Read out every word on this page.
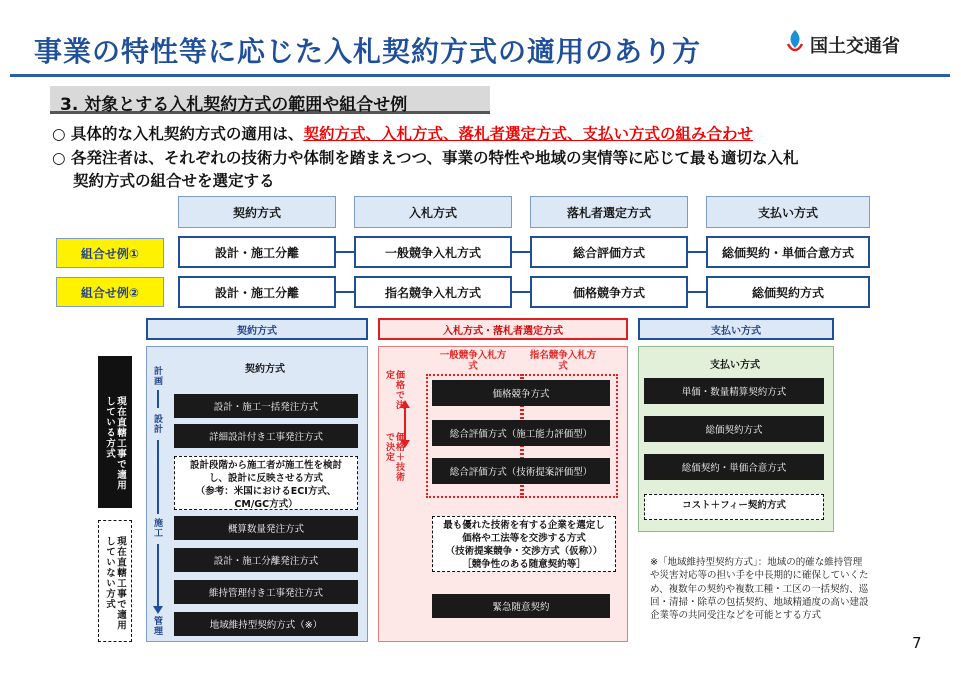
事業の特性等に応じた入札契約方式の適用のあり方	国土交通省
3. 対象とする入札契約方式の範囲や組合せ例
○ 具体的な入札契約方式の適用は、契約方式、入札方式、落札者選定方式、支払い方式の組み合わせ
○ 各発注者は、それぞれの技術力や体制を踏まえつつ、事業の特性や地域の実情等に応じて最も適切な入札
契約方式の組合せを選定する
契約方式	入札方式	落札者選定方式	支払い方式
組合せ例①	設計・施工分離	一般競争入札方式	総合評価方式	総価契約・単価合意方式
組合せ例②	設計・施工分離	指名競争入札方式	価格競争方式	総価契約方式
契約方式
契約方式
現在直轄工事で適用している方式
現在直轄工事で適用していない方式
計画
設計
施工
管理
設計・施工一括発注方式
詳細設計付き工事発注方式
設計段階から施工者が施工性を検討
し、設計に反映させる方式
（参考：米国におけるECI方式、
CM/GC方式）
概算数量発注方式
設計・施工分離発注方式
維持管理付き工事発注方式
地域維持型契約方式（※）
入札方式・落札者選定方式
一般競争入札方式
指名競争入札方式
価格で決定
価格＋技術で決定
価格競争方式
総合評価方式（施工能力評価型）
総合評価方式（技術提案評価型）
最も優れた技術を有する企業を選定し
価格や工法等を交渉する方式
（技術提案競争・交渉方式（仮称））
［競争性のある随意契約等］
緊急随意契約
支払い方式
支払い方式
単価・数量精算契約方式
総価契約方式
総価契約・単価合意方式
コスト＋フィー契約方式
※「地域維持型契約方式」：地域の的確な維持管理や災害対応等の担い手を中長期的に確保していくため、複数年の契約や複数工種・工区の一括契約、巡回・清掃・除草の包括契約、地域精通度の高い建設企業等の共同受注などを可能とする方式
7
